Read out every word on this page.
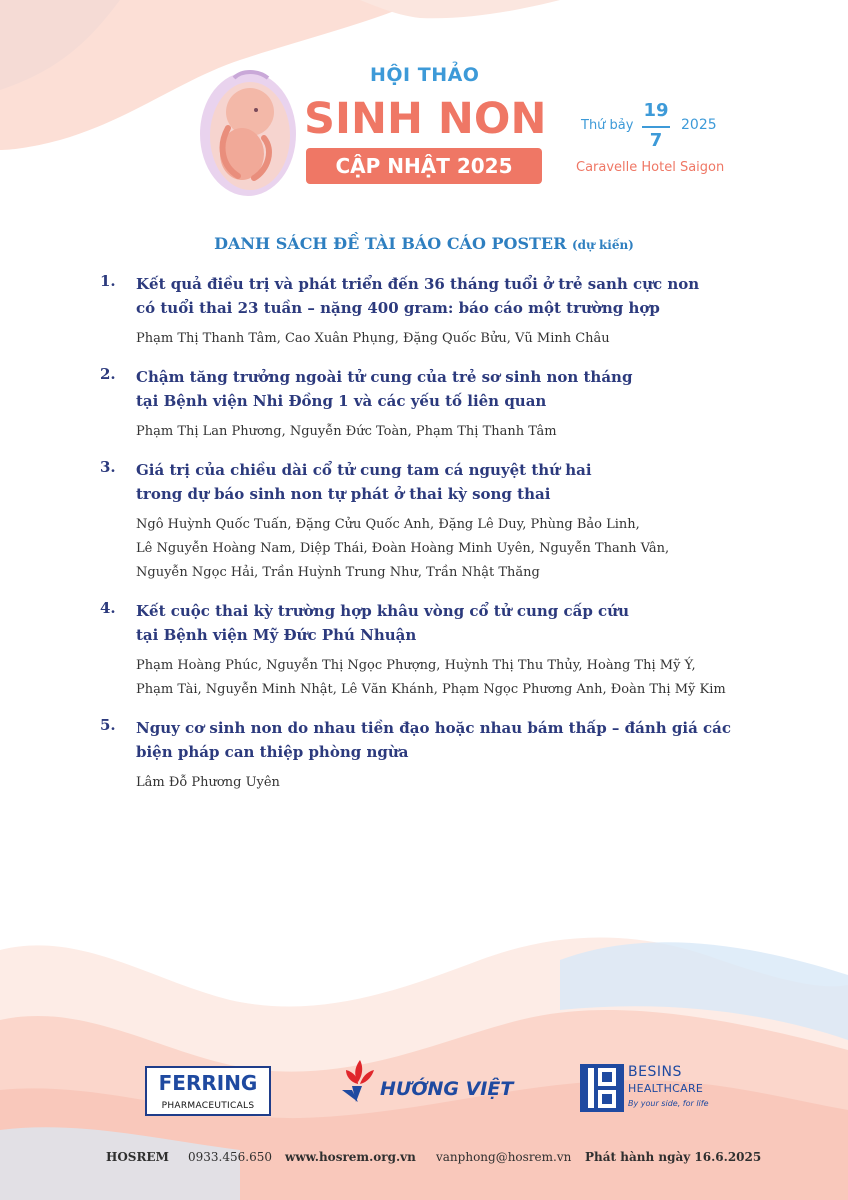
HỘI THẢO
SINH NON
CẬP NHẬT 2025
Thứ bảy
19
7
2025
Caravelle Hotel Saigon
DANH SÁCH ĐỀ TÀI BÁO CÁO POSTER (dự kiến)
1. Kết quả điều trị và phát triển đến 36 tháng tuổi ở trẻ sanh cực non
có tuổi thai 23 tuần – nặng 400 gram: báo cáo một trường hợp
Phạm Thị Thanh Tâm, Cao Xuân Phụng, Đặng Quốc Bửu, Vũ Minh Châu
2. Chậm tăng trưởng ngoài tử cung của trẻ sơ sinh non tháng
tại Bệnh viện Nhi Đồng 1 và các yếu tố liên quan
Phạm Thị Lan Phương, Nguyễn Đức Toàn, Phạm Thị Thanh Tâm
3. Giá trị của chiều dài cổ tử cung tam cá nguyệt thứ hai
trong dự báo sinh non tự phát ở thai kỳ song thai
Ngô Huỳnh Quốc Tuấn, Đặng Cửu Quốc Anh, Đặng Lê Duy, Phùng Bảo Linh,
Lê Nguyễn Hoàng Nam, Diệp Thái, Đoàn Hoàng Minh Uyên, Nguyễn Thanh Vân,
Nguyễn Ngọc Hải, Trần Huỳnh Trung Như, Trần Nhật Thăng
4. Kết cuộc thai kỳ trường hợp khâu vòng cổ tử cung cấp cứu
tại Bệnh viện Mỹ Đức Phú Nhuận
Phạm Hoàng Phúc, Nguyễn Thị Ngọc Phượng, Huỳnh Thị Thu Thủy, Hoàng Thị Mỹ Ý,
Phạm Tài, Nguyễn Minh Nhật, Lê Văn Khánh, Phạm Ngọc Phương Anh, Đoàn Thị Mỹ Kim
5. Nguy cơ sinh non do nhau tiền đạo hoặc nhau bám thấp – đánh giá các
biện pháp can thiệp phòng ngừa
Lâm Đỗ Phương Uyên
FERRING
PHARMACEUTICALS
HƯỚNG VIỆT
BESINS
HEALTHCARE
By your side, for life
HOSREM 0933.456.650 www.hosrem.org.vn vanphong@hosrem.vn Phát hành ngày 16.6.2025
